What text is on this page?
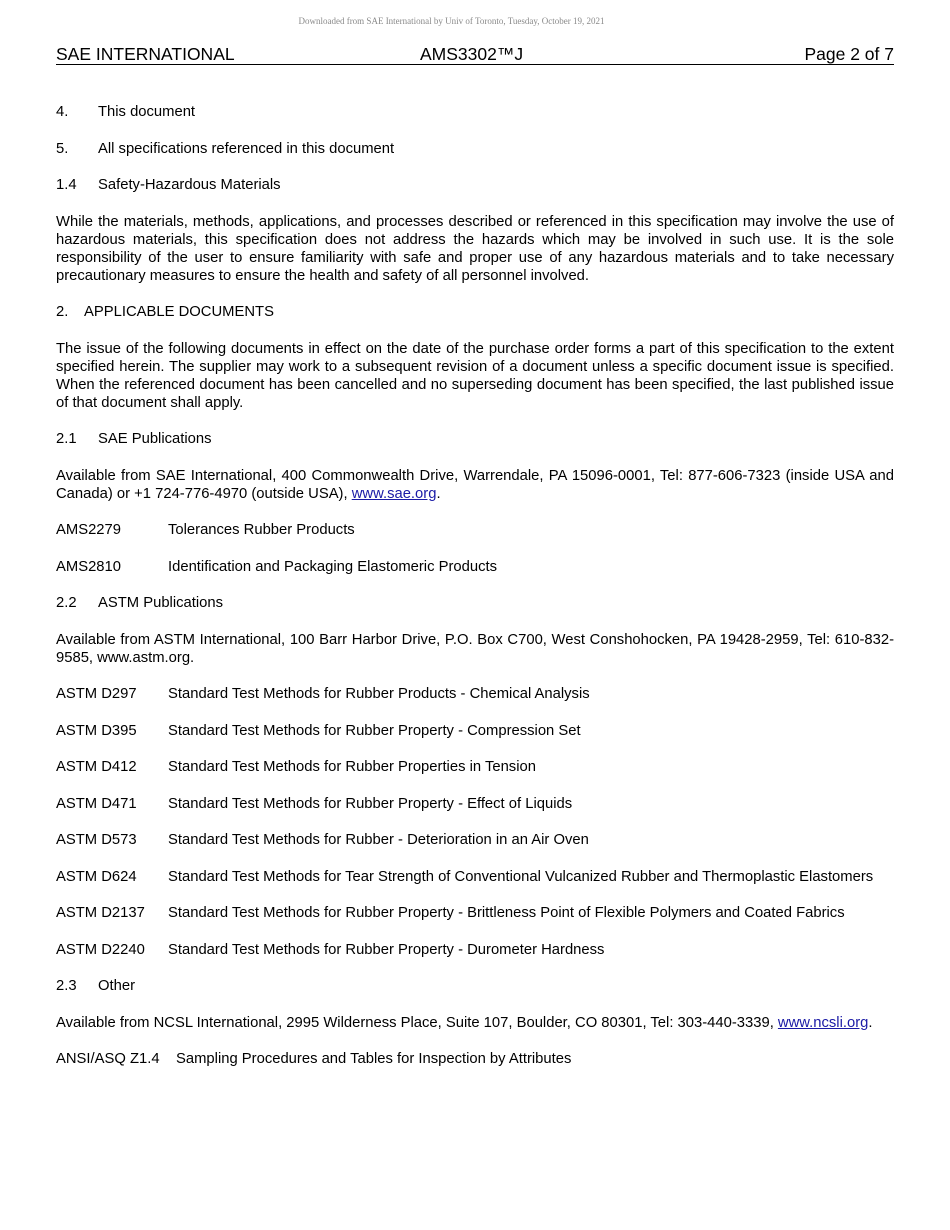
Downloaded from SAE International by Univ of Toronto, Tuesday, October 19, 2021
SAE INTERNATIONAL	AMS3302™J	Page 2 of 7
4. This document
5. All specifications referenced in this document
1.4 Safety-Hazardous Materials
While the materials, methods, applications, and processes described or referenced in this specification may involve the use of hazardous materials, this specification does not address the hazards which may be involved in such use. It is the sole responsibility of the user to ensure familiarity with safe and proper use of any hazardous materials and to take necessary precautionary measures to ensure the health and safety of all personnel involved.
2. APPLICABLE DOCUMENTS
The issue of the following documents in effect on the date of the purchase order forms a part of this specification to the extent specified herein. The supplier may work to a subsequent revision of a document unless a specific document issue is specified. When the referenced document has been cancelled and no superseding document has been specified, the last published issue of that document shall apply.
2.1 SAE Publications
Available from SAE International, 400 Commonwealth Drive, Warrendale, PA 15096-0001, Tel: 877-606-7323 (inside USA and Canada) or +1 724-776-4970 (outside USA), www.sae.org.
AMS2279	Tolerances Rubber Products
AMS2810	Identification and Packaging Elastomeric Products
2.2 ASTM Publications
Available from ASTM International, 100 Barr Harbor Drive, P.O. Box C700, West Conshohocken, PA 19428-2959, Tel: 610-832-9585, www.astm.org.
ASTM D297	Standard Test Methods for Rubber Products - Chemical Analysis
ASTM D395	Standard Test Methods for Rubber Property - Compression Set
ASTM D412	Standard Test Methods for Rubber Properties in Tension
ASTM D471	Standard Test Methods for Rubber Property - Effect of Liquids
ASTM D573	Standard Test Methods for Rubber - Deterioration in an Air Oven
ASTM D624	Standard Test Methods for Tear Strength of Conventional Vulcanized Rubber and Thermoplastic Elastomers
ASTM D2137	Standard Test Methods for Rubber Property - Brittleness Point of Flexible Polymers and Coated Fabrics
ASTM D2240	Standard Test Methods for Rubber Property - Durometer Hardness
2.3 Other
Available from NCSL International, 2995 Wilderness Place, Suite 107, Boulder, CO 80301, Tel: 303-440-3339, www.ncsli.org.
ANSI/ASQ Z1.4	Sampling Procedures and Tables for Inspection by Attributes
